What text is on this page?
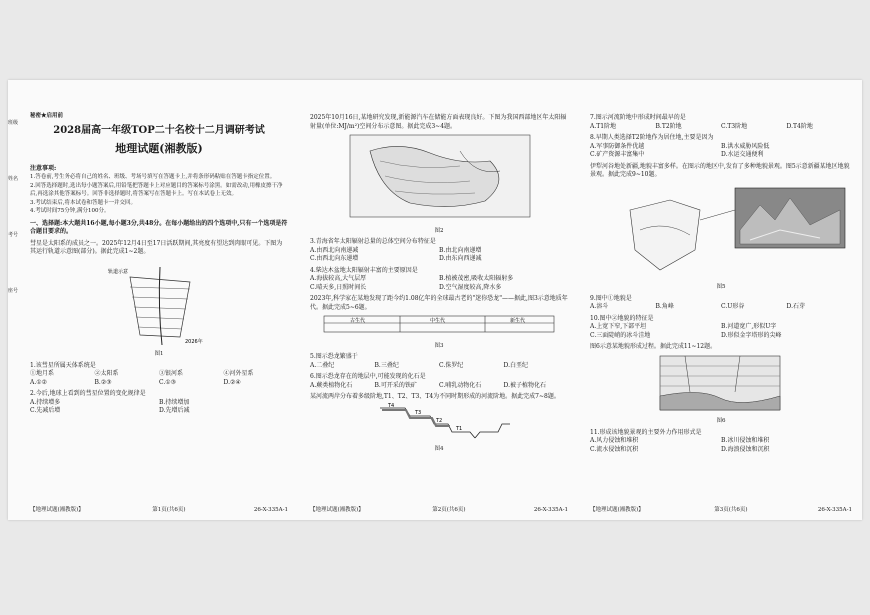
班级
姓名
考号
座号

秘密★启用前

2028届高一年级TOP二十名校十二月调研考试

地理试题(湘教版)

注意事项:

1.答卷前,考生务必将自己的姓名、班级、考场号填写在答题卡上,并将条形码粘贴在答题卡指定位置。

2.回答选择题时,选出每小题答案后,用铅笔把答题卡上对应题目的答案标号涂黑。如需改动,用橡皮擦干净后,再选涂其他答案标号。回答非选择题时,将答案写在答题卡上。写在本试卷上无效。

3.考试结束后,将本试卷和答题卡一并交回。

4.考试时间75分钟,满分100分。

一、选择题:本大题共16小题,每小题3分,共48分。在每小题给出的四个选项中,只有一个选项是符合题目要求的。

彗星是太阳系的成员之一。2025年12月4日至17日活跃期间,其亮度有望达到肉眼可见。下图为其运行轨道示意图(部分)。据此完成1~2题。

轨道示意
2026年

图1

1.该彗星所属天体系统是

①地月系	②太阳系	③银河系	④河外星系
A.①②	B.②③	C.①③	D.②④

2.今后,地球上看到的彗星位置的变化规律是

A.持续增多	B.持续增加
C.先减后增	D.先增后减
【地理试题(湘教版)】	第1页(共6页)	26-X-335A-1

2025年10月16日,某地研究发现,新能源汽车在储能方面表现良好。下图为我国西部地区年太阳辐射量(单位:MJ/m²)空间分布示意图。据此完成3~4题。

图2

3.青海省年太阳辐射总量的总体空间分布特征是

A.由西北向南递减	B.由北向南递增
C.由西北向东递增	D.由东向西递减

4.柴达木盆地太阳辐射丰富的主要原因是

A.海拔较高,大气层厚	B.植被茂密,吸收太阳辐射多
C.晴天多,日照时间长	D.空气湿度较高,降水多

2023年,科学家在某地发现了距今约1.08亿年的全球最古老的"迷你恐龙"——据此,图3示意地质年代。据此完成5~6题。

古生代	中生代	新生代

图3

5.图示恐龙繁盛于

A.二叠纪	B.三叠纪	C.侏罗纪	D.白垩纪

6.图示恐龙存在的地层中,可能发现的化石是

A.蕨类植物化石	B.可开采的铁矿	C.哺乳动物化石	D.被子植物化石

某河流两岸分布着多级阶地,T1、T2、T3、T4为不同时期形成的河流阶地。据此完成7~8题。

T4
T3
T2
T1

图4

【地理试题(湘教版)】	第2页(共6页)	26-X-335A-1

7.图示河流阶地中形成时间最早的是

A.T1阶地	B.T2阶地	C.T3阶地	D.T4阶地

8.早期人类选择T2阶地作为居住地,主要是因为

A.军事防御条件优越	B.洪水威胁风险低
C.矿产资源丰富集中	D.水运交通便利

伊犁河谷地处新疆,地貌丰富多样。在图示的地区中,发育了多种地貌景观。图5示意新疆某地区地貌景观。据此完成9~10题。

图5

9.图中①地貌是

A.溶斗	B.角峰	C.U形谷	D.石芽

10.图中②地貌的特征是

A.上宽下窄,下部平坦	B.河道宽广,形似U字
C.三面陡峭的冰斗洼地	D.形似金字塔形的尖峰

图6示意某地貌形成过程。据此完成11~12题。

图6

11.形成该地貌景观的主要外力作用形式是

A.风力侵蚀和堆积	B.冰川侵蚀和堆积
C.流水侵蚀和沉积	D.海浪侵蚀和沉积
【地理试题(湘教版)】	第3页(共6页)	26-X-335A-1
